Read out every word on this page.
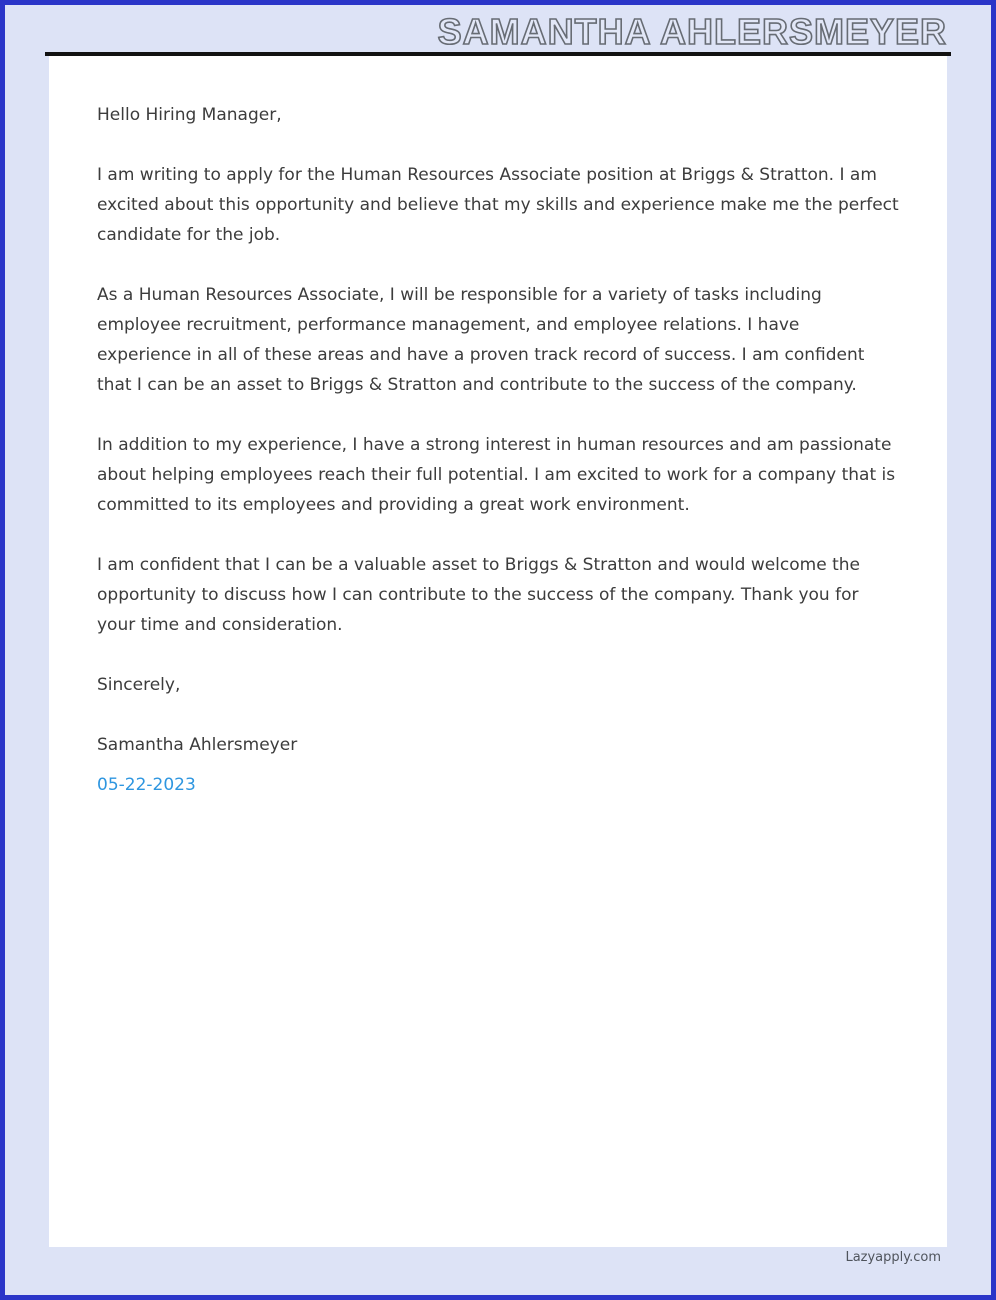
SAMANTHA AHLERSMEYER

Hello Hiring Manager,

I am writing to apply for the Human Resources Associate position at Briggs & Stratton. I am excited about this opportunity and believe that my skills and experience make me the perfect candidate for the job.

As a Human Resources Associate, I will be responsible for a variety of tasks including employee recruitment, performance management, and employee relations. I have experience in all of these areas and have a proven track record of success. I am confident that I can be an asset to Briggs & Stratton and contribute to the success of the company.

In addition to my experience, I have a strong interest in human resources and am passionate about helping employees reach their full potential. I am excited to work for a company that is committed to its employees and providing a great work environment.

I am confident that I can be a valuable asset to Briggs & Stratton and would welcome the opportunity to discuss how I can contribute to the success of the company. Thank you for your time and consideration.

Sincerely,

Samantha Ahlersmeyer

05-22-2023

Lazyapply.com
